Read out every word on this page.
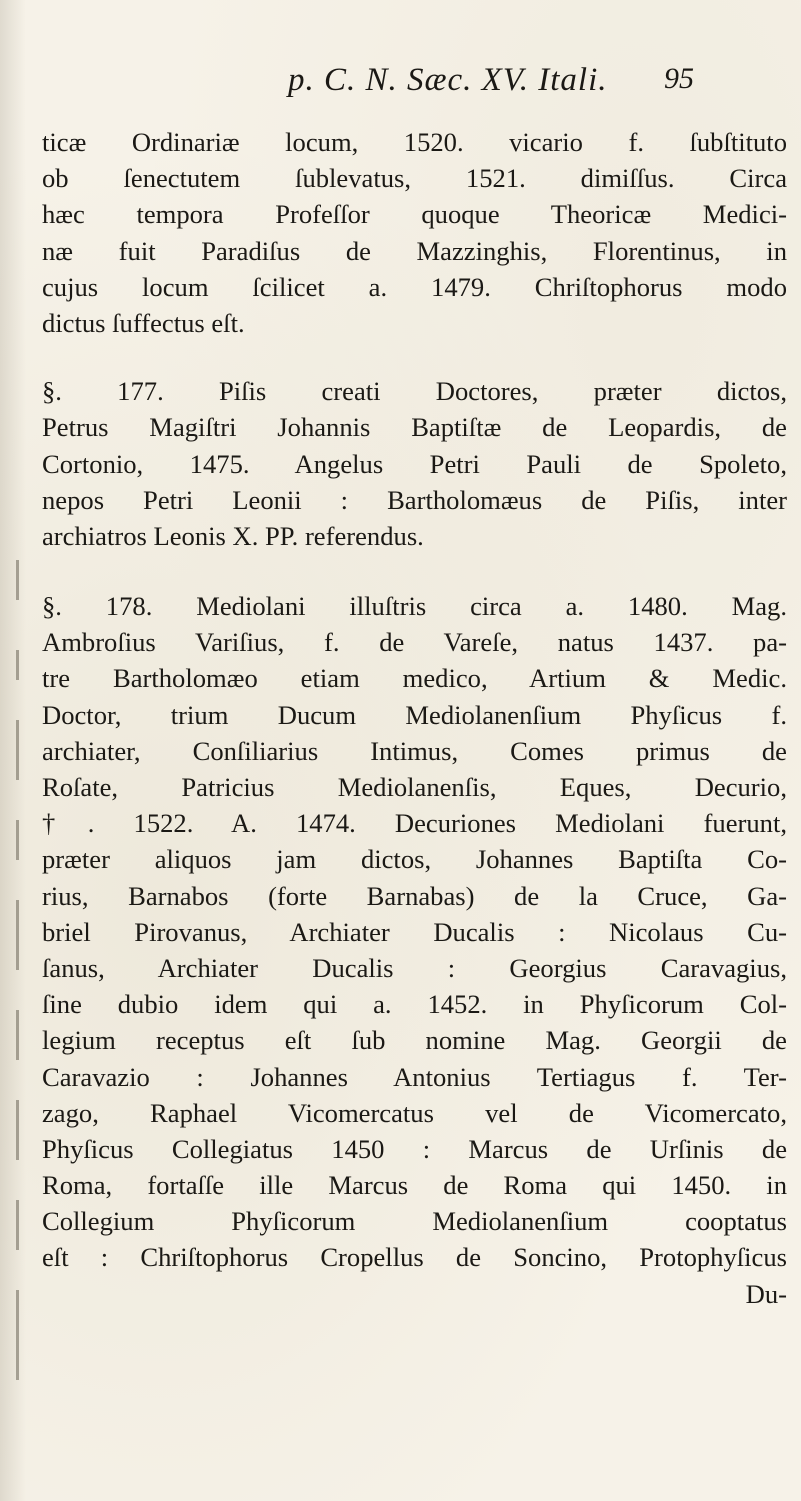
p. C. N. Sæc. XV. Itali. 95
ticæ Ordinariæ locum, 1520. vicario f. ſubſtituto
ob ſenectutem ſublevatus, 1521. dimiſſus. Circa
hæc tempora Profeſſor quoque Theoricæ Medici-
næ fuit Paradiſus de Mazzinghis, Florentinus, in
cujus locum ſcilicet a. 1479. Chriſtophorus modo
dictus ſuffectus eſt.
§. 177. Piſis creati Doctores, præter dictos,
Petrus Magiſtri Johannis Baptiſtæ de Leopardis, de
Cortonio, 1475. Angelus Petri Pauli de Spoleto,
nepos Petri Leonii : Bartholomæus de Piſis, inter
archiatros Leonis X. PP. referendus.
§. 178. Mediolani illuſtris circa a. 1480. Mag.
Ambroſius Variſius, f. de Vareſe, natus 1437. pa-
tre Bartholomæo etiam medico, Artium & Medic.
Doctor, trium Ducum Mediolanenſium Phyſicus f.
archiater, Conſiliarius Intimus, Comes primus de
Roſate, Patricius Mediolanenſis, Eques, Decurio,
†. 1522. A. 1474. Decuriones Mediolani fuerunt,
præter aliquos jam dictos, Johannes Baptiſta Co-
rius, Barnabos (forte Barnabas) de la Cruce, Ga-
briel Pirovanus, Archiater Ducalis : Nicolaus Cu-
ſanus, Archiater Ducalis : Georgius Caravagius,
ſine dubio idem qui a. 1452. in Phyſicorum Col-
legium receptus eſt ſub nomine Mag. Georgii de
Caravazio : Johannes Antonius Tertiagus f. Ter-
zago, Raphael Vicomercatus vel de Vicomercato,
Phyſicus Collegiatus 1450 : Marcus de Urſinis de
Roma, fortaſſe ille Marcus de Roma qui 1450. in
Collegium Phyſicorum Mediolanenſium cooptatus
eſt : Chriſtophorus Cropellus de Soncino, Protophyſicus
Du-
